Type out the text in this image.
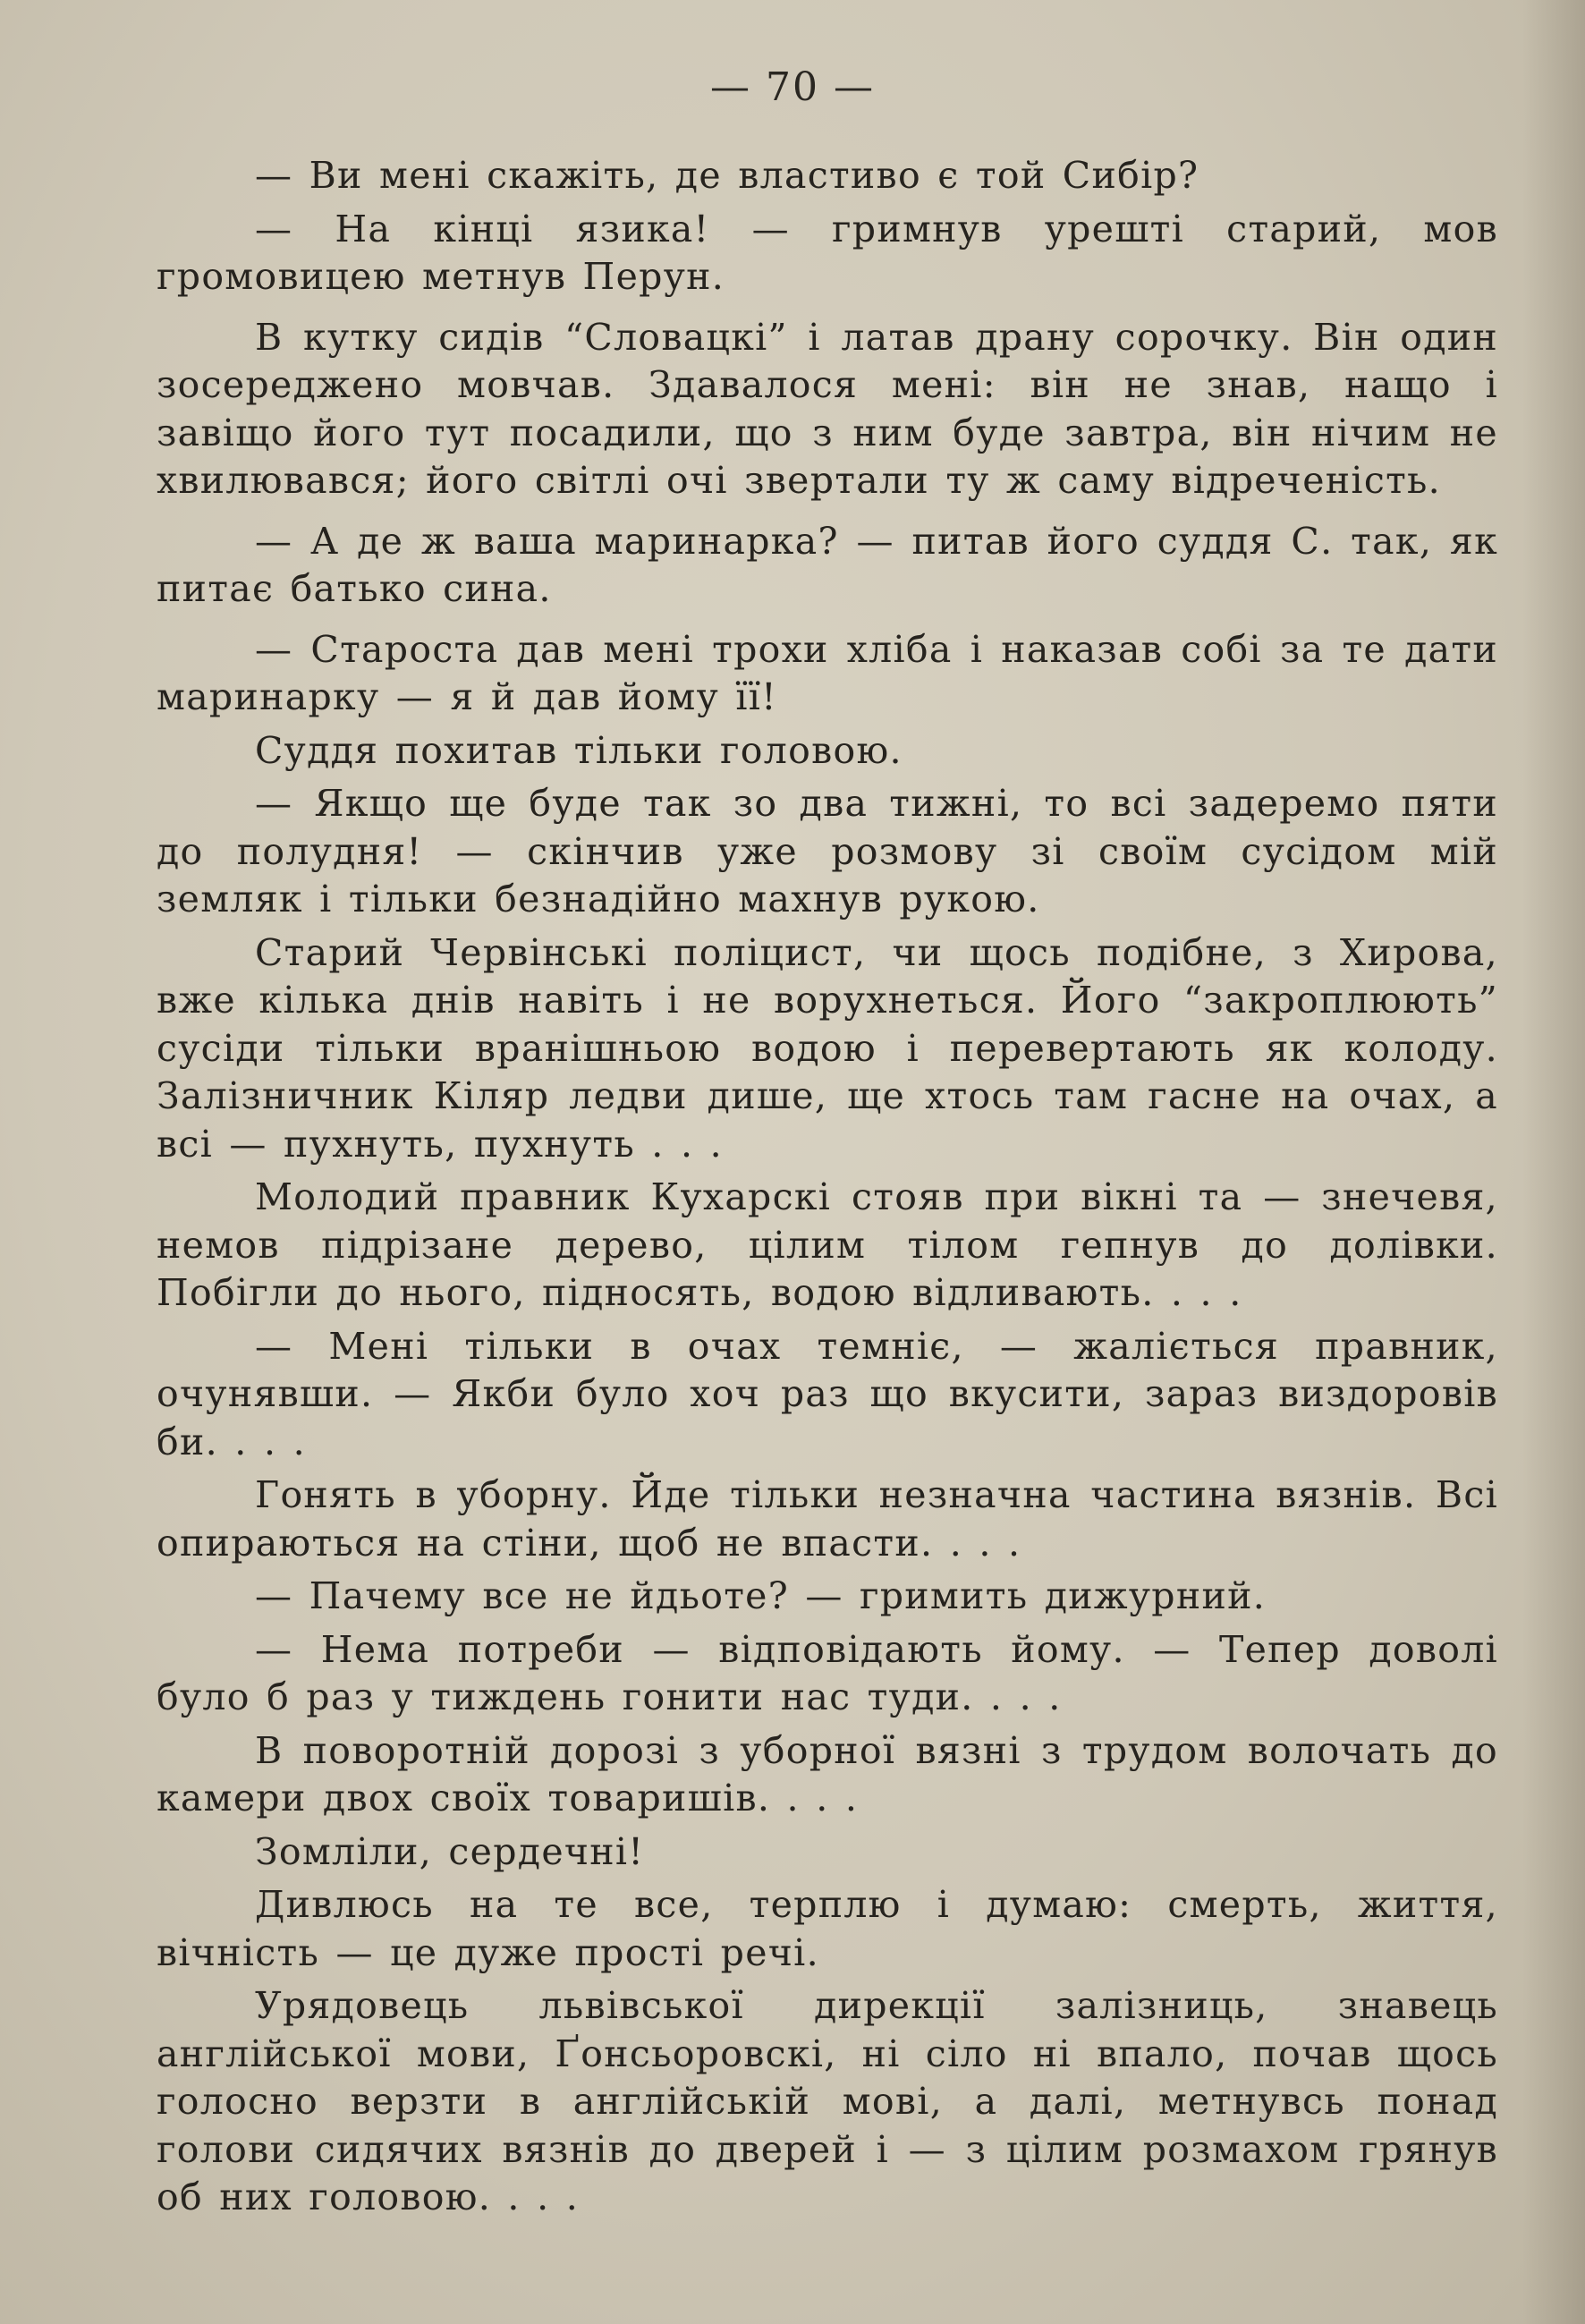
— 70 —

— Ви мені скажіть, де властиво є той Сибір?

— На кінці язика! — гримнув урешті старий, мов громовицею метнув Перун.

В кутку сидів “Словацкі” і латав драну сорочку. Він один зосереджено мовчав. Здавалося мені: він не знав, нащо і завіщо його тут посадили, що з ним буде завтра, він нічим не хвилювався; його світлі очі звертали ту ж саму відреченість.

— А де ж ваша маринарка? — питав його суддя С. так, як питає батько сина.

— Староста дав мені трохи хліба і наказав собі за те дати маринарку — я й дав йому її!

Суддя похитав тільки головою.

— Якщо ще буде так зо два тижні, то всі задеремо пяти до полудня! — скінчив уже розмову зі своїм сусідом мій земляк і тільки безнадійно махнув рукою.

Старий Червінські поліцист, чи щось подібне, з Хирова, вже кілька днів навіть і не ворухнеться. Його “закроплюють” сусіди тільки вранішньою водою і перевертають як колоду. Залізничник Кіляр ледви дише, ще хтось там гасне на очах, а всі — пухнуть, пухнуть . . .

Молодий правник Кухарскі стояв при вікні та — знечевя, немов підрізане дерево, цілим тілом гепнув до долівки. Побігли до нього, підносять, водою відливають. . . .

— Мені тільки в очах темніє, — жаліється правник, очунявши. — Якби було хоч раз що вкусити, зараз виздоровів би. . . .

Гонять в уборну. Йде тільки незначна частина вязнів. Всі опираються на стіни, щоб не впасти. . . .

— Пачему все не йдьоте? — гримить дижурний.

— Нема потреби — відповідають йому. — Тепер доволі було б раз у тиждень гонити нас туди. . . .

В поворотній дорозі з уборної вязні з трудом волочать до камери двох своїх товаришів. . . .

Зомліли, сердечні!

Дивлюсь на те все, терплю і думаю: смерть, життя, вічність — це дуже прості речі.

Урядовець львівської дирекції залізниць, знавець англійської мови, Ґонсьоровскі, ні сіло ні впало, почав щось голосно верзти в англійській мові, а далі, метнувсь понад голови сидячих вязнів до дверей і — з цілим розмахом грянув об них головою. . . .
